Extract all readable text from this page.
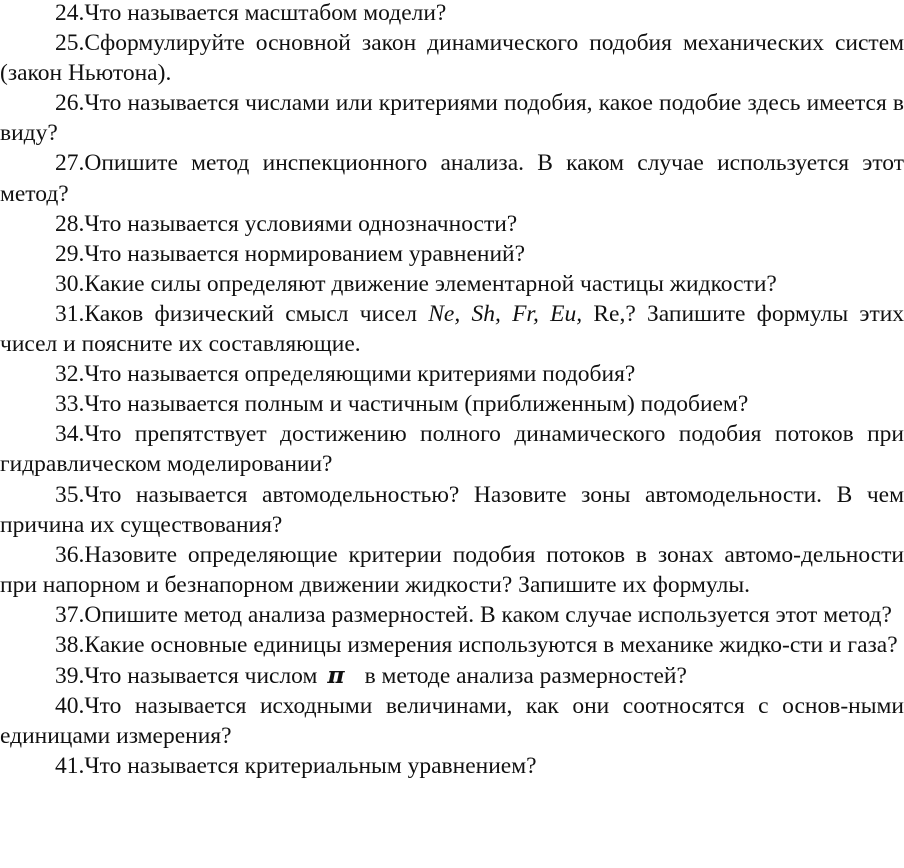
24.Что называется масштабом модели?

25.Сформулируйте основной закон динамического подобия механических систем (закон Ньютона).

26.Что называется числами или критериями подобия, какое подобие здесь имеется в виду?

27.Опишите метод инспекционного анализа. В каком случае используется этот метод?

28.Что называется условиями однозначности?

29.Что называется нормированием уравнений?

30.Какие силы определяют движение элементарной частицы жидкости?

31.Каков физический смысл чисел Ne, Sh, Fr, Eu, Re,? Запишите формулы этих чисел и поясните их составляющие.

32.Что называется определяющими критериями подобия?

33.Что называется полным и частичным (приближенным) подобием?

34.Что препятствует достижению полного динамического подобия потоков при гидравлическом моделировании?

35.Что называется автомодельностью? Назовите зоны автомодельности. В чем причина их существования?

36.Назовите определяющие критерии подобия потоков в зонах автомо-дельности при напорном и безнапорном движении жидкости? Запишите их формулы.

37.Опишите метод анализа размерностей. В каком случае используется этот метод?

38.Какие основные единицы измерения используются в механике жидко-сти и газа?

39.Что называется числом π в методе анализа размерностей?

40.Что называется исходными величинами, как они соотносятся с основ-ными единицами измерения?

41.Что называется критериальным уравнением?
